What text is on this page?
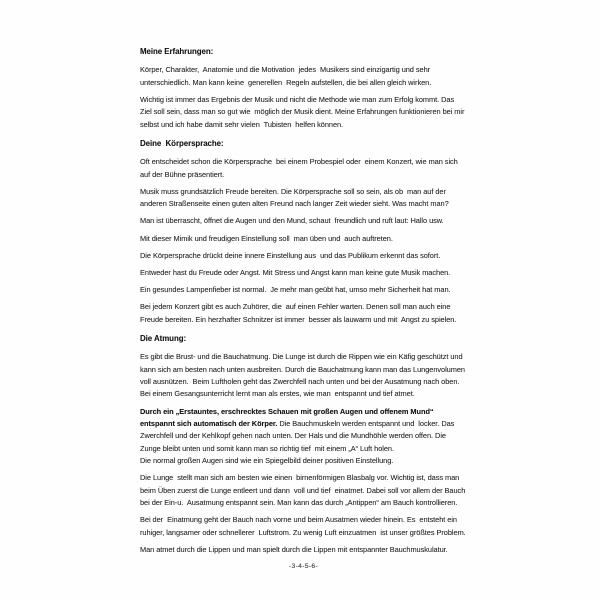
Meine Erfahrungen:

Körper, Charakter,  Anatomie und die Motivation  jedes  Musikers sind einzigartig und sehr unterschiedlich. Man kann keine  generellen  Regeln aufstellen, die bei allen gleich wirken.

Wichtig ist immer das Ergebnis der Musik und nicht die Methode wie man zum Erfolg kommt. Das Ziel soll sein, dass man so gut wie  möglich der Musik dient. Meine Erfahrungen funktionieren bei mir selbst und ich habe damit sehr vielen  Tubisten  helfen können.

Deine  Körpersprache:

Oft entscheidet schon die Körpersprache  bei einem Probespiel oder  einem Konzert, wie man sich auf der Bühne präsentiert.

Musik muss grundsätzlich Freude bereiten. Die Körpersprache soll so sein, als ob  man auf der anderen Straßenseite einen guten alten Freund nach langer Zeit wieder sieht. Was macht man?

Man ist überrascht, öffnet die Augen und den Mund, schaut  freundlich und ruft laut: Hallo usw.

Mit dieser Mimik und freudigen Einstellung soll  man üben und  auch auftreten.

Die Körpersprache drückt deine innere Einstellung aus  und das Publikum erkennt das sofort.

Entweder hast du Freude oder Angst. Mit Stress und Angst kann man keine gute Musik machen.

Ein gesundes Lampenfieber ist normal.  Je mehr man geübt hat, umso mehr Sicherheit hat man.

Bei jedem Konzert gibt es auch Zuhörer, die  auf einen Fehler warten. Denen soll man auch eine Freude bereiten. Ein herzhafter Schnitzer ist immer  besser als lauwarm und mit  Angst zu spielen.

Die Atmung:

Es gibt die Brust- und die Bauchatmung. Die Lunge ist durch die Rippen wie ein Käfig geschützt und kann sich am besten nach unten ausbreiten. Durch die Bauchatmung kann man das Lungenvolumen voll ausnützen.  Beim Luftholen geht das Zwerchfell nach unten und bei der Ausatmung nach oben. Bei einem Gesangsunterricht lernt man als erstes, wie man  entspannt und tief atmet.

Durch ein „Erstauntes, erschrecktes Schauen mit großen Augen und offenem Mund“  entspannt sich automatisch der Körper. Die Bauchmuskeln werden entspannt und  locker. Das Zwerchfell und der Kehlkopf gehen nach unten. Der Hals und die Mundhöhle werden offen. Die Zunge bleibt unten und somit kann man so richtig tief  mit einem „A“ Luft holen.

Die normal großen Augen sind wie ein Spiegelbild deiner positiven Einstellung.

Die Lunge  stellt man sich am besten wie einen  birnenförmigen Blasbalg vor. Wichtig ist, dass man beim Üben zuerst die Lunge entleert und dann  voll und tief  einatmet. Dabei soll vor allem der Bauch bei der Ein-u.  Ausatmung entspannt sein. Man kann das durch „Antippen“ am Bauch kontrollieren.

Bei der  Einatmung geht der Bauch nach vorne und beim Ausatmen wieder hinein. Es  entsteht ein ruhiger, langsamer oder schnellerer  Luftstrom. Zu wenig Luft einzuatmen  ist unser größtes Problem.

Man atmet durch die Lippen und man spielt durch die Lippen mit entspannter Bauchmuskulatur.

-3-4-5-6-
